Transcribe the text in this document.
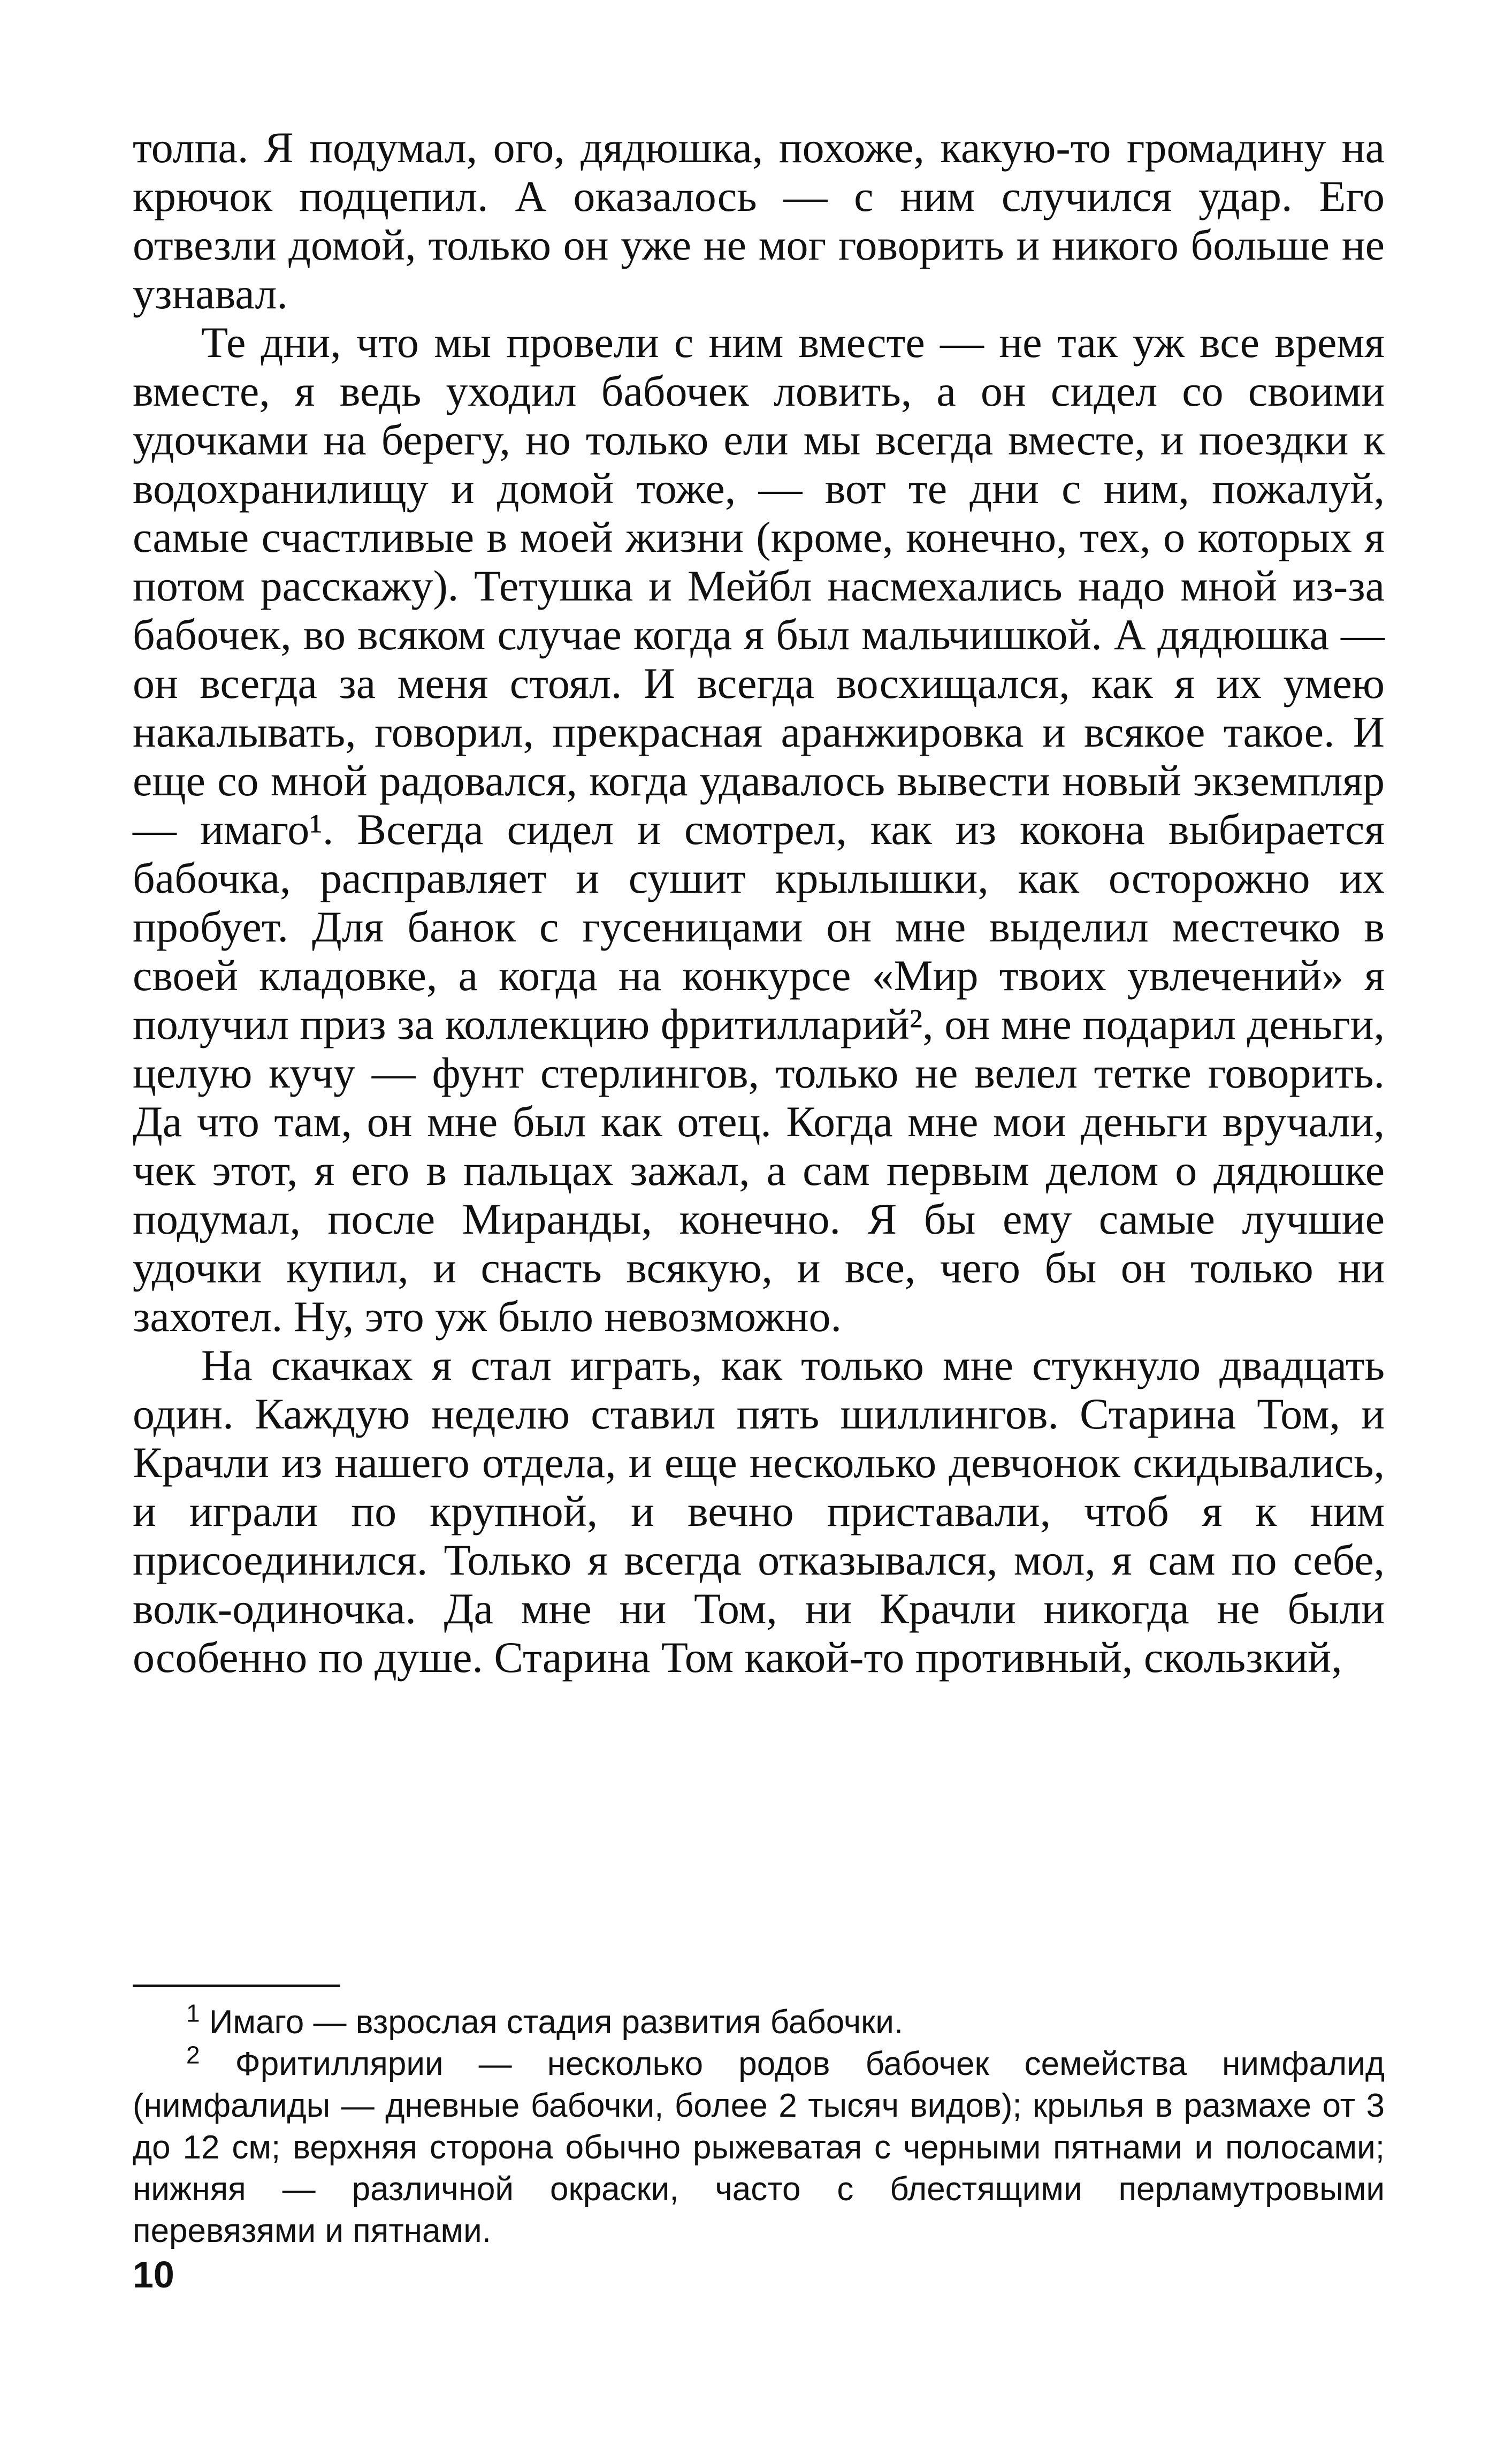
толпа. Я подумал, ого, дядюшка, похоже, какую-то громадину на крючок подцепил. А оказалось — с ним случился удар. Его отвезли домой, только он уже не мог говорить и никого больше не узнавал.

Те дни, что мы провели с ним вместе — не так уж все время вместе, я ведь уходил бабочек ловить, а он сидел со своими удочками на берегу, но только ели мы всегда вместе, и поездки к водохранилищу и домой тоже, — вот те дни с ним, пожалуй, самые счастливые в моей жизни (кроме, конечно, тех, о которых я потом расскажу). Тетушка и Мейбл насмехались надо мной из-за бабочек, во всяком случае когда я был мальчишкой. А дядюшка — он всегда за меня стоял. И всегда восхищался, как я их умею накалывать, говорил, прекрасная аранжировка и всякое такое. И еще со мной радовался, когда удавалось вывести новый экземпляр — имаго¹. Всегда сидел и смотрел, как из кокона выбирается бабочка, расправляет и сушит крылышки, как осторожно их пробует. Для банок с гусеницами он мне выделил местечко в своей кладовке, а когда на конкурсе «Мир твоих увлечений» я получил приз за коллекцию фритилларий², он мне подарил деньги, целую кучу — фунт стерлингов, только не велел тетке говорить. Да что там, он мне был как отец. Когда мне мои деньги вручали, чек этот, я его в пальцах зажал, а сам первым делом о дядюшке подумал, после Миранды, конечно. Я бы ему самые лучшие удочки купил, и снасть всякую, и все, чего бы он только ни захотел. Ну, это уж было невозможно.

На скачках я стал играть, как только мне стукнуло двадцать один. Каждую неделю ставил пять шиллингов. Старина Том, и Крачли из нашего отдела, и еще несколько девчонок скидывались, и играли по крупной, и вечно приставали, чтоб я к ним присоединился. Только я всегда отказывался, мол, я сам по себе, волк-одиночка. Да мне ни Том, ни Крачли никогда не были особенно по душе. Старина Том какой-то противный, скользкий,

$^1$ Имаго — взрослая стадия развития бабочки.

$^2$ Фритиллярии — несколько родов бабочек семейства нимфалид (нимфалиды — дневные бабочки, более 2 тысяч видов); крылья в размахе от 3 до 12 см; верхняя сторона обычно рыжеватая с черными пятнами и полосами; нижняя — различной окраски, часто с блестящими перламутровыми перевязями и пятнами.

10
